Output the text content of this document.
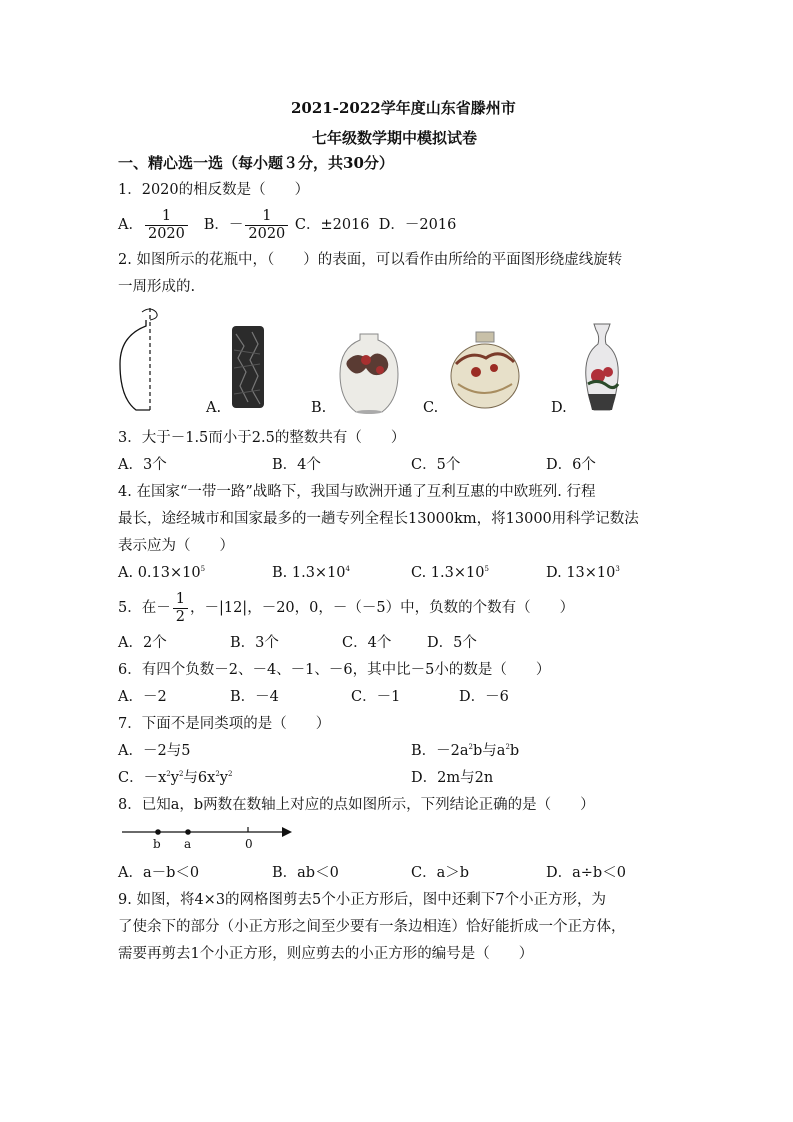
2021-2022学年度山东省滕州市
七年级数学期中模拟试卷
一、精心选一选（每小题３分，共30分）
1．2020的相反数是（　　）
A． $\frac{1}{2020}$ B．－ $\frac{1}{2020}$ C．±2016 D．－2016
2. 如图所示的花瓶中，（　　）的表面，可以看作由所给的平面图形绕虚线旋转
一周形成的.
A.	B.	C.	D.
3．大于－1.5而小于2.5的整数共有（　　）
A．3个	B．4个	C．5个	D．6个
4. 在国家“一带一路”战略下，我国与欧洲开通了互利互惠的中欧班列. 行程
最长，途经城市和国家最多的一趟专列全程长13000km，将13000用科学记数法
表示应为（　　）
A. $0.13\times 10^5$	B. $1.3\times 10^4$	C. $1.3\times 10^5$	D. $13\times 10^3$
5．在－ $\frac{1}{2}$ ，－|12|，－20，0，－（－5）中，负数的个数有（　　）
A．2个	B．3个	C．4个 D．5个
6．有四个负数－2、－4、－1、－6，其中比－5小的数是（　　）
A．－2	B．－4	C．－1	D．－6
7．下面不是同类项的是（　　）
A．－2与5	B．$-2a^2b$与$a^2b$
C．$-x^2y^2$与$6x^2y^2$	D．2m与2n
8．已知a，b两数在数轴上对应的点如图所示，下列结论正确的是（　　）
b a	0
A．a－b＜0	B．ab＜0	C．a＞b	D．a÷b＜0
9. 如图，将4×3的网格图剪去5个小正方形后，图中还剩下7个小正方形，为
了使余下的部分（小正方形之间至少要有一条边相连）恰好能折成一个正方体，
需要再剪去1个小正方形，则应剪去的小正方形的编号是（　　）
